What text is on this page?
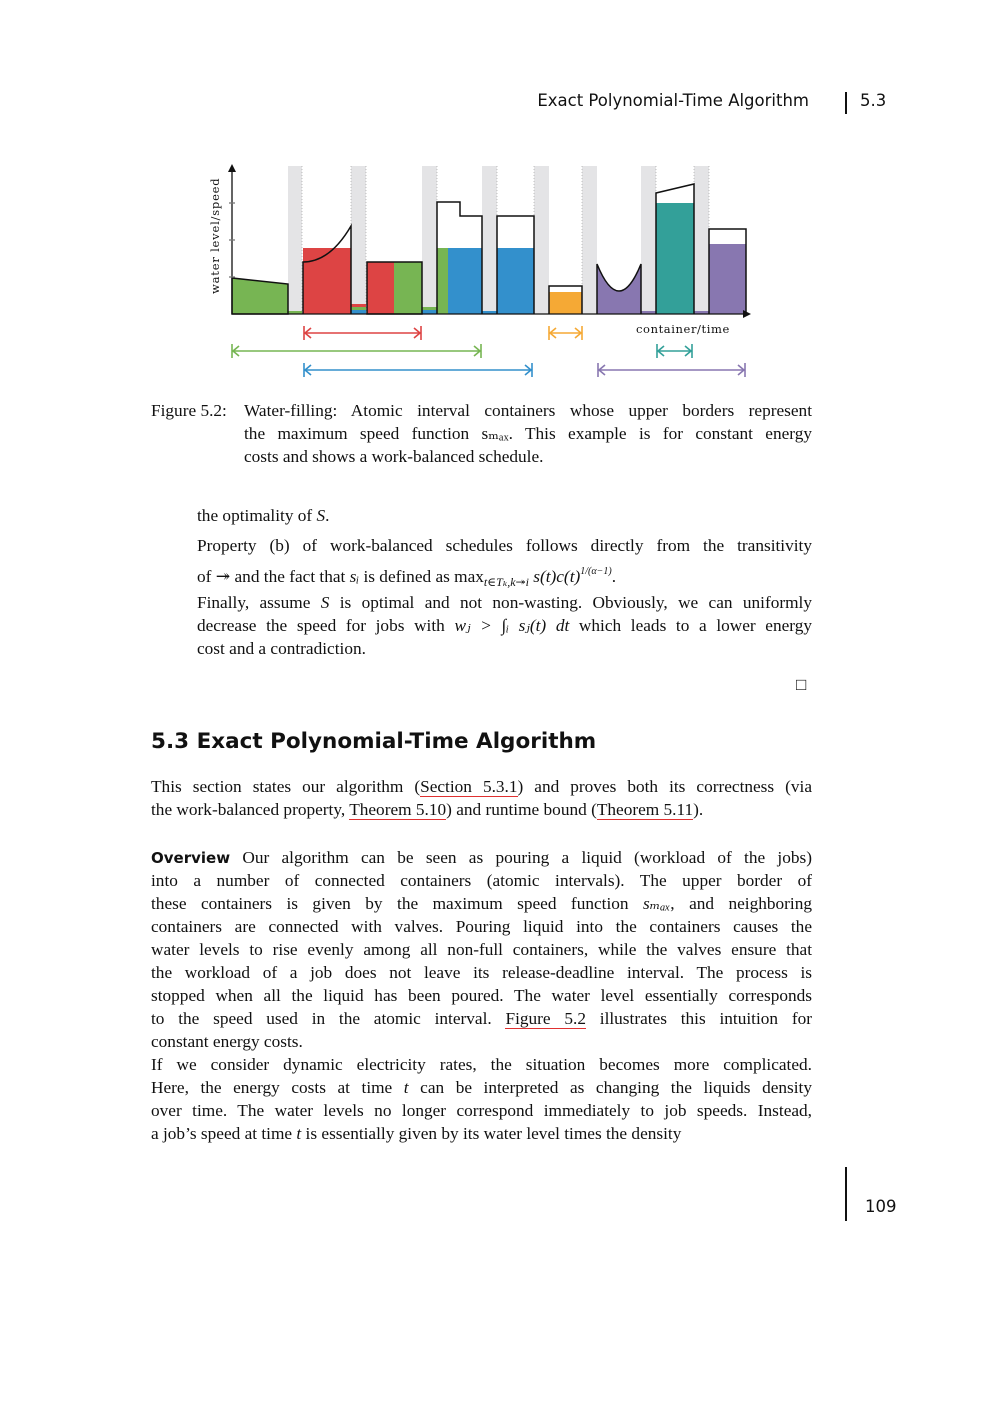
Exact Polynomial-Time Algorithm	5.3
water level/speed
container/time
Figure 5.2: Water-filling: Atomic interval containers whose upper borders represent
the maximum speed function sₘₐₓ. This example is for constant energy
costs and shows a work-balanced schedule.
the optimality of S.
Property (b) of work-balanced schedules follows directly from the transitivity
of ↠ and the fact that sᵢ is defined as $\max_{t\in T_k,k↠i} s(t)c(t)^{1/(\alpha-1)}$.
Finally, assume S is optimal and not non-wasting. Obviously, we can uniformly
decrease the speed for jobs with wⱼ > ∫ᵢ sⱼ(t) dt which leads to a lower energy
cost and a contradiction.
□
5.3 Exact Polynomial-Time Algorithm
This section states our algorithm (Section 5.3.1) and proves both its correctness (via
the work-balanced property, Theorem 5.10) and runtime bound (Theorem 5.11).
Overview Our algorithm can be seen as pouring a liquid (workload of the jobs)
into a number of connected containers (atomic intervals). The upper border of
these containers is given by the maximum speed function sₘₐₓ, and neighboring
containers are connected with valves. Pouring liquid into the containers causes the
water levels to rise evenly among all non-full containers, while the valves ensure that
the workload of a job does not leave its release-deadline interval. The process is
stopped when all the liquid has been poured. The water level essentially corresponds
to the speed used in the atomic interval. Figure 5.2 illustrates this intuition for
constant energy costs.
If we consider dynamic electricity rates, the situation becomes more complicated.
Here, the energy costs at time t can be interpreted as changing the liquids density
over time. The water levels no longer correspond immediately to job speeds. Instead,
a job’s speed at time t is essentially given by its water level times the density
109
